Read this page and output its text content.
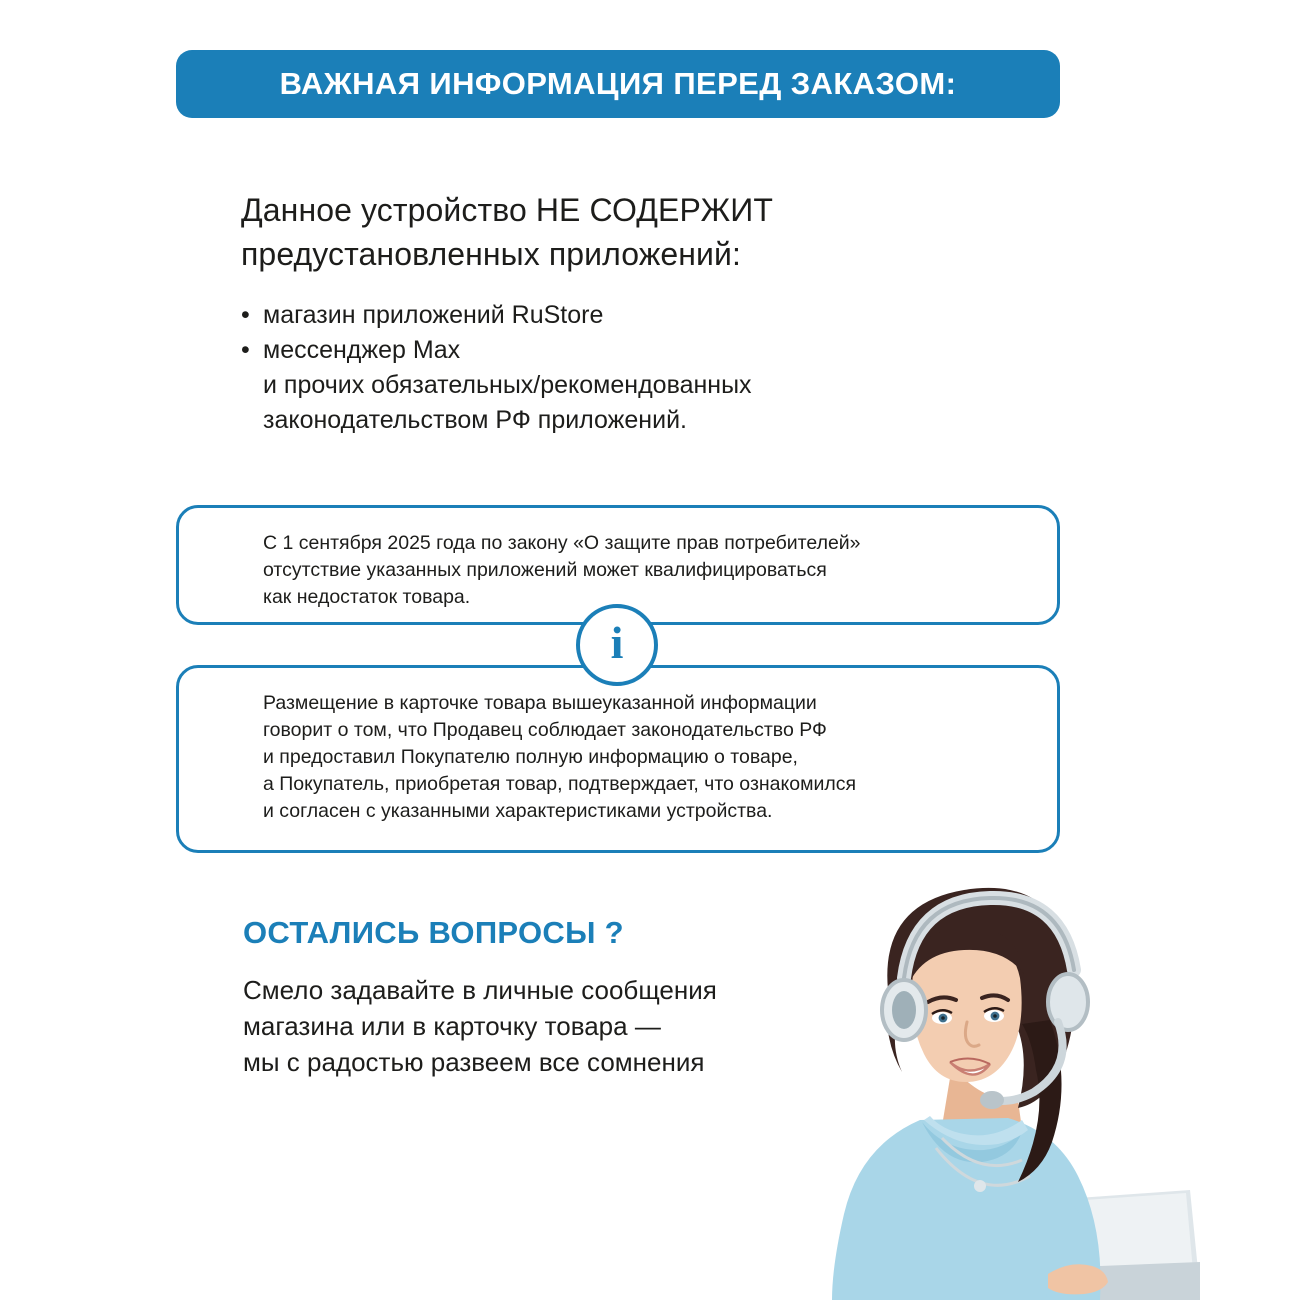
ВАЖНАЯ ИНФОРМАЦИЯ ПЕРЕД ЗАКАЗОМ:
Данное устройство НЕ СОДЕРЖИТ
предустановленных приложений:
• магазин приложений RuStore
• мессенджер Max
и прочих обязательных/рекомендованных
законодательством РФ приложений.
С 1 сентября 2025 года по закону «О защите прав потребителей»
отсутствие указанных приложений может квалифицироваться
как недостаток товара.
i
Размещение в карточке товара вышеуказанной информации
говорит о том, что Продавец соблюдает законодательство РФ
и предоставил Покупателю полную информацию о товаре,
а Покупатель, приобретая товар, подтверждает, что ознакомился
и согласен с указанными характеристиками устройства.
ОСТАЛИСЬ ВОПРОСЫ ?
Смело задавайте в личные сообщения
магазина или в карточку товара —
мы с радостью развеем все сомнения
